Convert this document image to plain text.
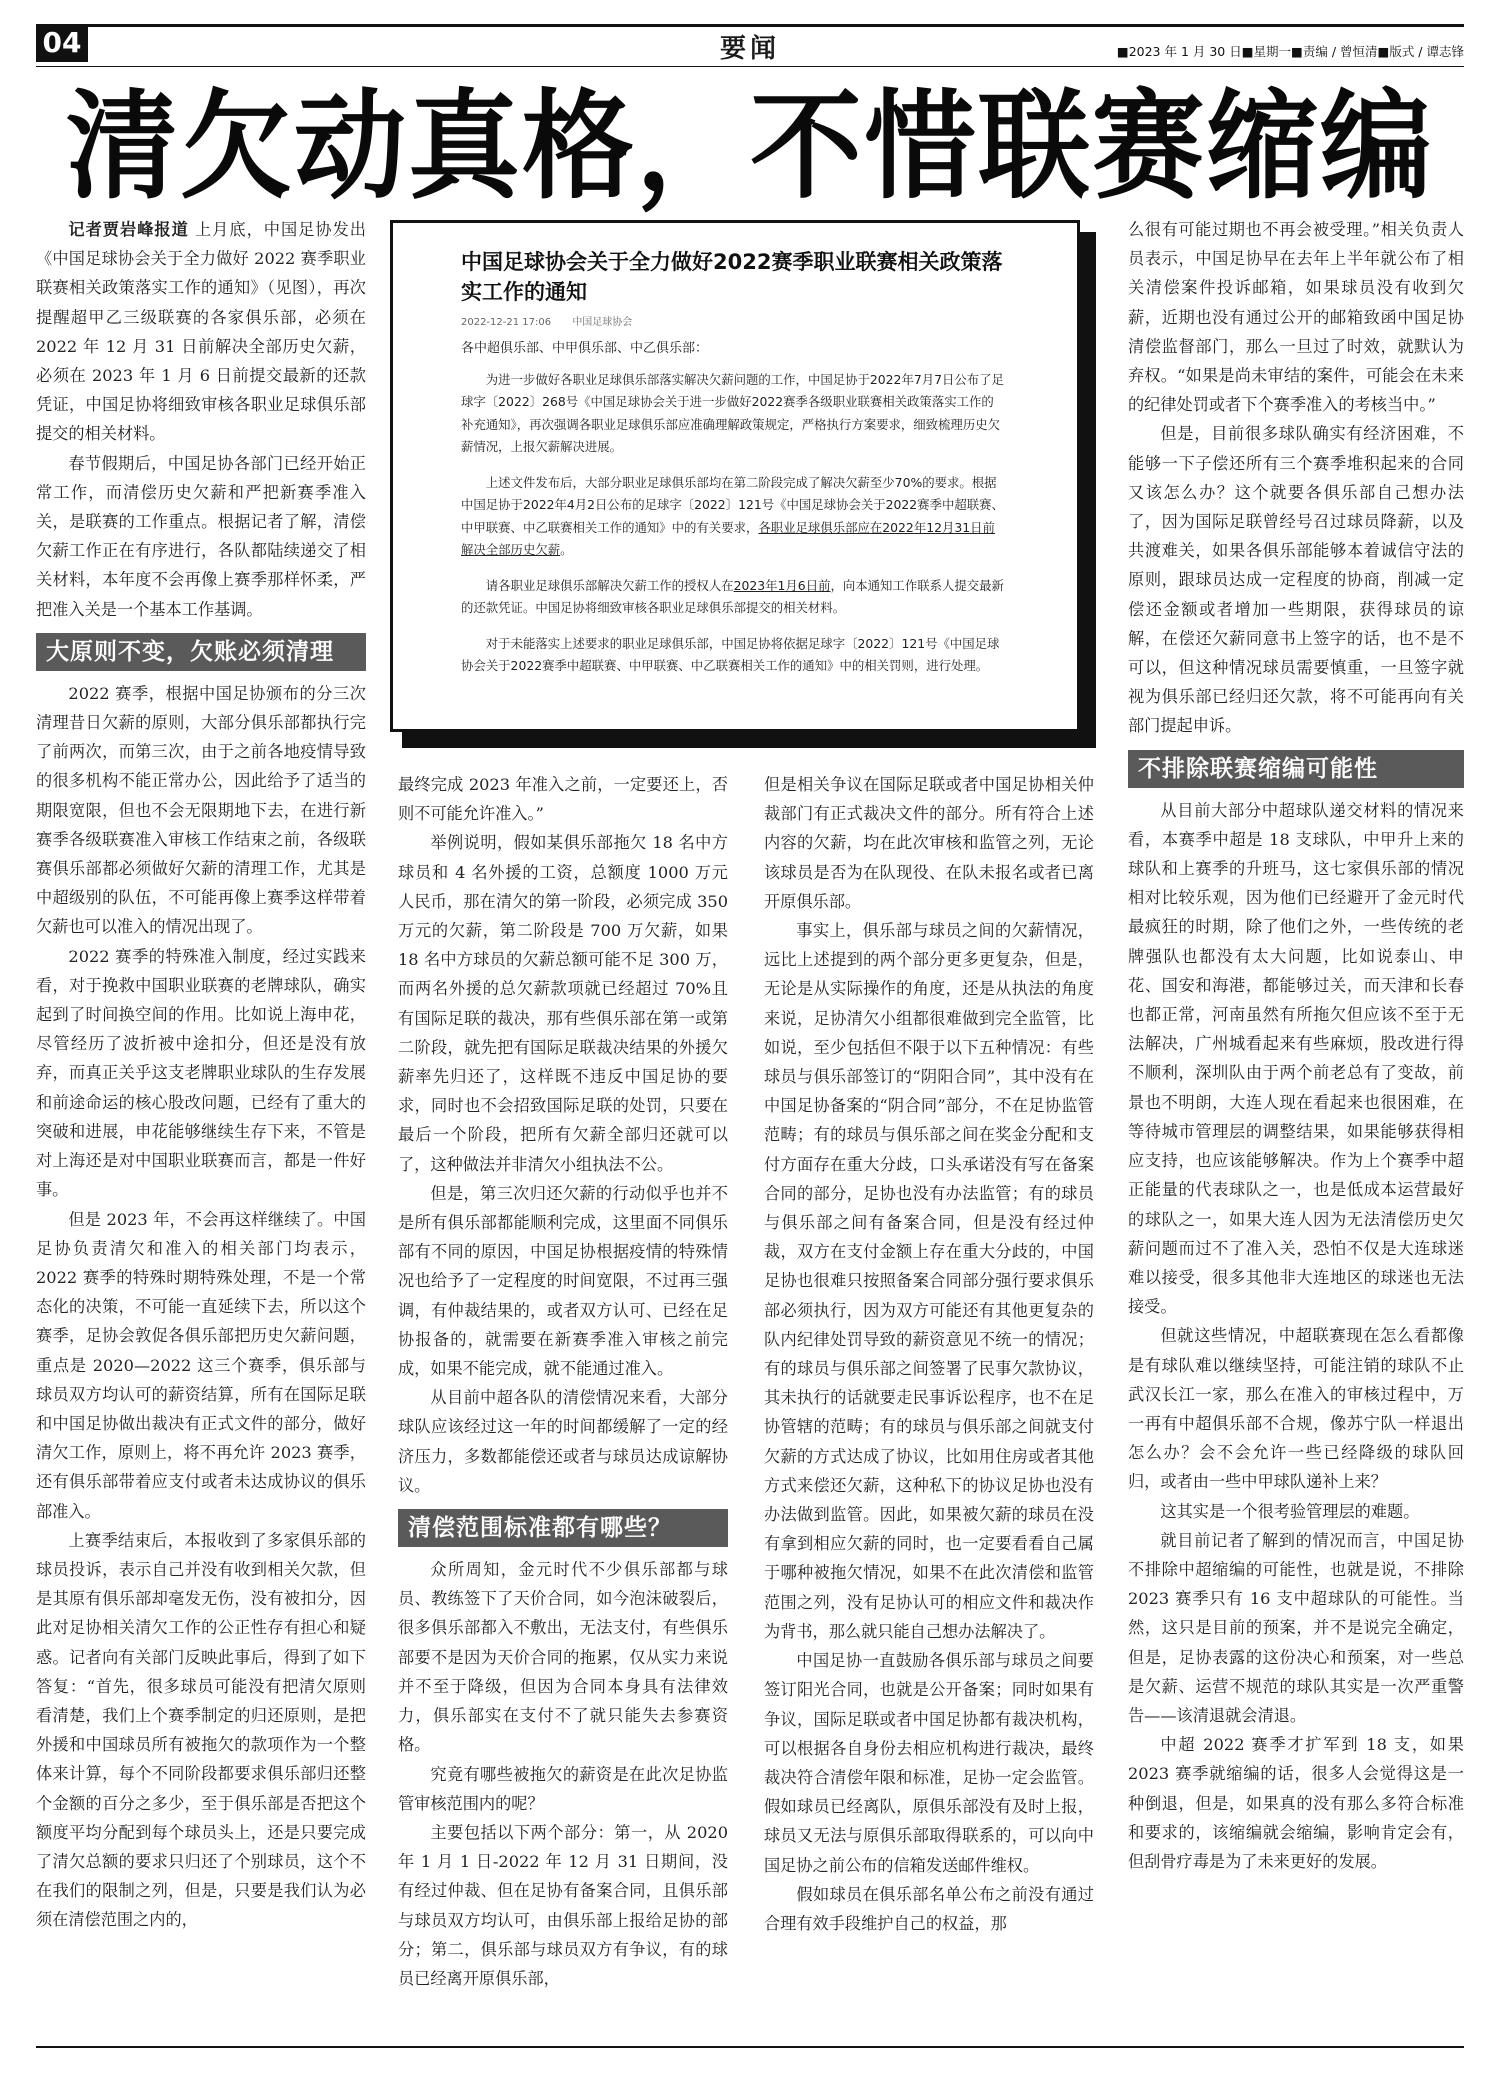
04	要闻	■2023 年 1 月 30 日■星期一■责编 / 曾恒清■版式 / 谭志锋
清欠动真格，不惜联赛缩编

记者贾岩峰报道 上月底，中国足协发出《中国足球协会关于全力做好 2022 赛季职业联赛相关政策落实工作的通知》（见图），再次提醒超甲乙三级联赛的各家俱乐部，必须在 2022 年 12 月 31 日前解决全部历史欠薪，必须在 2023 年 1 月 6 日前提交最新的还款凭证，中国足协将细致审核各职业足球俱乐部提交的相关材料。

春节假期后，中国足协各部门已经开始正常工作，而清偿历史欠薪和严把新赛季准入关，是联赛的工作重点。根据记者了解，清偿欠薪工作正在有序进行，各队都陆续递交了相关材料，本年度不会再像上赛季那样怀柔，严把准入关是一个基本工作基调。

大原则不变，欠账必须清理

2022 赛季，根据中国足协颁布的分三次清理昔日欠薪的原则，大部分俱乐部都执行完了前两次，而第三次，由于之前各地疫情导致的很多机构不能正常办公，因此给予了适当的期限宽限，但也不会无限期地下去，在进行新赛季各级联赛准入审核工作结束之前，各级联赛俱乐部都必须做好欠薪的清理工作，尤其是中超级别的队伍，不可能再像上赛季这样带着欠薪也可以准入的情况出现了。

2022 赛季的特殊准入制度，经过实践来看，对于挽救中国职业联赛的老牌球队，确实起到了时间换空间的作用。比如说上海申花，尽管经历了波折被中途扣分，但还是没有放弃，而真正关乎这支老牌职业球队的生存发展和前途命运的核心股改问题，已经有了重大的突破和进展，申花能够继续生存下来，不管是对上海还是对中国职业联赛而言，都是一件好事。

但是 2023 年，不会再这样继续了。中国足协负责清欠和准入的相关部门均表示，2022 赛季的特殊时期特殊处理，不是一个常态化的决策，不可能一直延续下去，所以这个赛季，足协会敦促各俱乐部把历史欠薪问题，重点是 2020—2022 这三个赛季，俱乐部与球员双方均认可的薪资结算，所有在国际足联和中国足协做出裁决有正式文件的部分，做好清欠工作，原则上，将不再允许 2023 赛季，还有俱乐部带着应支付或者未达成协议的俱乐部准入。

上赛季结束后，本报收到了多家俱乐部的球员投诉，表示自己并没有收到相关欠款，但是其原有俱乐部却毫发无伤，没有被扣分，因此对足协相关清欠工作的公正性存有担心和疑惑。记者向有关部门反映此事后，得到了如下答复：“首先，很多球员可能没有把清欠原则看清楚，我们上个赛季制定的归还原则，是把外援和中国球员所有被拖欠的款项作为一个整体来计算，每个不同阶段都要求俱乐部归还整个金额的百分之多少，至于俱乐部是否把这个额度平均分配到每个球员头上，还是只要完成了清欠总额的要求只归还了个别球员，这个不在我们的限制之列，但是，只要是我们认为必须在清偿范围之内的，

中国足球协会关于全力做好2022赛季职业联赛相关政策落实工作的通知
2022-12-21 17:06 中国足球协会

各中超俱乐部、中甲俱乐部、中乙俱乐部：

为进一步做好各职业足球俱乐部落实解决欠薪问题的工作，中国足协于2022年7月7日公布了足球字〔2022〕268号《中国足球协会关于进一步做好2022赛季各级职业联赛相关政策落实工作的补充通知》，再次强调各职业足球俱乐部应准确理解政策规定，严格执行方案要求，细致梳理历史欠薪情况，上报欠薪解决进展。

上述文件发布后，大部分职业足球俱乐部均在第二阶段完成了解决欠薪至少70%的要求。根据中国足协于2022年4月2日公布的足球字〔2022〕121号《中国足球协会关于2022赛季中超联赛、中甲联赛、中乙联赛相关工作的通知》中的有关要求，各职业足球俱乐部应在2022年12月31日前解决全部历史欠薪。

请各职业足球俱乐部解决欠薪工作的授权人在2023年1月6日前，向本通知工作联系人提交最新的还款凭证。中国足协将细致审核各职业足球俱乐部提交的相关材料。

对于未能落实上述要求的职业足球俱乐部，中国足协将依据足球字〔2022〕121号《中国足球协会关于2022赛季中超联赛、中甲联赛、中乙联赛相关工作的通知》中的相关罚则，进行处理。

最终完成 2023 年准入之前，一定要还上，否则不可能允许准入。”

举例说明，假如某俱乐部拖欠 18 名中方球员和 4 名外援的工资，总额度 1000 万元人民币，那在清欠的第一阶段，必须完成 350 万元的欠薪，第二阶段是 700 万欠薪，如果 18 名中方球员的欠薪总额可能不足 300 万，而两名外援的总欠薪款项就已经超过 70%且有国际足联的裁决，那有些俱乐部在第一或第二阶段，就先把有国际足联裁决结果的外援欠薪率先归还了，这样既不违反中国足协的要求，同时也不会招致国际足联的处罚，只要在最后一个阶段，把所有欠薪全部归还就可以了，这种做法并非清欠小组执法不公。

但是，第三次归还欠薪的行动似乎也并不是所有俱乐部都能顺利完成，这里面不同俱乐部有不同的原因，中国足协根据疫情的特殊情况也给予了一定程度的时间宽限，不过再三强调，有仲裁结果的，或者双方认可、已经在足协报备的，就需要在新赛季准入审核之前完成，如果不能完成，就不能通过准入。

从目前中超各队的清偿情况来看，大部分球队应该经过这一年的时间都缓解了一定的经济压力，多数都能偿还或者与球员达成谅解协议。

清偿范围标准都有哪些？

众所周知，金元时代不少俱乐部都与球员、教练签下了天价合同，如今泡沫破裂后，很多俱乐部都入不敷出，无法支付，有些俱乐部要不是因为天价合同的拖累，仅从实力来说并不至于降级，但因为合同本身具有法律效力，俱乐部实在支付不了就只能失去参赛资格。

究竟有哪些被拖欠的薪资是在此次足协监管审核范围内的呢？

主要包括以下两个部分：第一，从 2020 年 1 月 1 日-2022 年 12 月 31 日期间，没有经过仲裁、但在足协有备案合同，且俱乐部与球员双方均认可，由俱乐部上报给足协的部分；第二，俱乐部与球员双方有争议，有的球员已经离开原俱乐部，

但是相关争议在国际足联或者中国足协相关仲裁部门有正式裁决文件的部分。所有符合上述内容的欠薪，均在此次审核和监管之列，无论该球员是否为在队现役、在队未报名或者已离开原俱乐部。

事实上，俱乐部与球员之间的欠薪情况，远比上述提到的两个部分更多更复杂，但是，无论是从实际操作的角度，还是从执法的角度来说，足协清欠小组都很难做到完全监管，比如说，至少包括但不限于以下五种情况：有些球员与俱乐部签订的“阴阳合同”，其中没有在中国足协备案的“阴合同”部分，不在足协监管范畴；有的球员与俱乐部之间在奖金分配和支付方面存在重大分歧，口头承诺没有写在备案合同的部分，足协也没有办法监管；有的球员与俱乐部之间有备案合同，但是没有经过仲裁，双方在支付金额上存在重大分歧的，中国足协也很难只按照备案合同部分强行要求俱乐部必须执行，因为双方可能还有其他更复杂的队内纪律处罚导致的薪资意见不统一的情况；有的球员与俱乐部之间签署了民事欠款协议，其未执行的话就要走民事诉讼程序，也不在足协管辖的范畴；有的球员与俱乐部之间就支付欠薪的方式达成了协议，比如用住房或者其他方式来偿还欠薪，这种私下的协议足协也没有办法做到监管。因此，如果被欠薪的球员在没有拿到相应欠薪的同时，也一定要看看自己属于哪种被拖欠情况，如果不在此次清偿和监管范围之列，没有足协认可的相应文件和裁决作为背书，那么就只能自己想办法解决了。

中国足协一直鼓励各俱乐部与球员之间要签订阳光合同，也就是公开备案；同时如果有争议，国际足联或者中国足协都有裁决机构，可以根据各自身份去相应机构进行裁决，最终裁决符合清偿年限和标准，足协一定会监管。假如球员已经离队，原俱乐部没有及时上报，球员又无法与原俱乐部取得联系的，可以向中国足协之前公布的信箱发送邮件维权。

假如球员在俱乐部名单公布之前没有通过合理有效手段维护自己的权益，那

么很有可能过期也不再会被受理。”相关负责人员表示，中国足协早在去年上半年就公布了相关清偿案件投诉邮箱，如果球员没有收到欠薪，近期也没有通过公开的邮箱致函中国足协清偿监督部门，那么一旦过了时效，就默认为弃权。“如果是尚未审结的案件，可能会在未来的纪律处罚或者下个赛季准入的考核当中。”

但是，目前很多球队确实有经济困难，不能够一下子偿还所有三个赛季堆积起来的合同又该怎么办？这个就要各俱乐部自己想办法了，因为国际足联曾经号召过球员降薪，以及共渡难关，如果各俱乐部能够本着诚信守法的原则，跟球员达成一定程度的协商，削减一定偿还金额或者增加一些期限，获得球员的谅解，在偿还欠薪同意书上签字的话，也不是不可以，但这种情况球员需要慎重，一旦签字就视为俱乐部已经归还欠款，将不可能再向有关部门提起申诉。

不排除联赛缩编可能性

从目前大部分中超球队递交材料的情况来看，本赛季中超是 18 支球队，中甲升上来的球队和上赛季的升班马，这七家俱乐部的情况相对比较乐观，因为他们已经避开了金元时代最疯狂的时期，除了他们之外，一些传统的老牌强队也都没有太大问题，比如说泰山、申花、国安和海港，都能够过关，而天津和长春也都正常，河南虽然有所拖欠但应该不至于无法解决，广州城看起来有些麻烦，股改进行得不顺利，深圳队由于两个前老总有了变故，前景也不明朗，大连人现在看起来也很困难，在等待城市管理层的调整结果，如果能够获得相应支持，也应该能够解决。作为上个赛季中超正能量的代表球队之一，也是低成本运营最好的球队之一，如果大连人因为无法清偿历史欠薪问题而过不了准入关，恐怕不仅是大连球迷难以接受，很多其他非大连地区的球迷也无法接受。

但就这些情况，中超联赛现在怎么看都像是有球队难以继续坚持，可能注销的球队不止武汉长江一家，那么在准入的审核过程中，万一再有中超俱乐部不合规，像苏宁队一样退出怎么办？会不会允许一些已经降级的球队回归，或者由一些中甲球队递补上来？

这其实是一个很考验管理层的难题。

就目前记者了解到的情况而言，中国足协不排除中超缩编的可能性，也就是说，不排除 2023 赛季只有 16 支中超球队的可能性。当然，这只是目前的预案，并不是说完全确定，但是，足协表露的这份决心和预案，对一些总是欠薪、运营不规范的球队其实是一次严重警告——该清退就会清退。

中超 2022 赛季才扩军到 18 支，如果 2023 赛季就缩编的话，很多人会觉得这是一种倒退，但是，如果真的没有那么多符合标准和要求的，该缩编就会缩编，影响肯定会有，但刮骨疗毒是为了未来更好的发展。
